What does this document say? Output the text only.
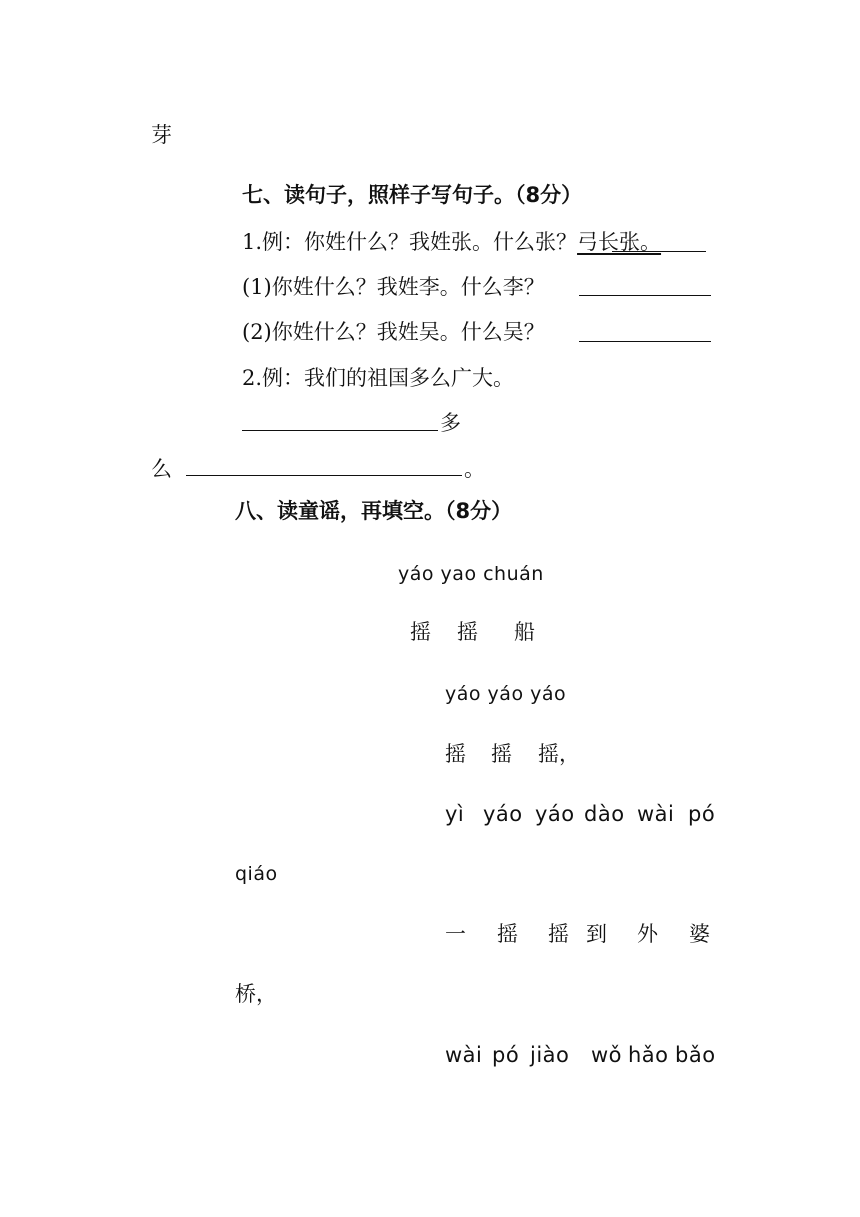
芽
七、读句子，照样子写句子。（8分）
1.例：你姓什么？我姓张。什么张？弓长张。
(1)你姓什么？我姓李。什么李？
(2)你姓什么？我姓吴。什么吴？
2.例：我们的祖国多么广大。
多
么	。
八、读童谣，再填空。（8分）
yáo yao chuán
摇 摇 船
yáo yáo yáo
摇 摇 摇，
yì yáo yáo dào wài pó
qiáo
一 摇 摇 到 外 婆
桥，
wài pó jiào wǒ hǎo bǎo
